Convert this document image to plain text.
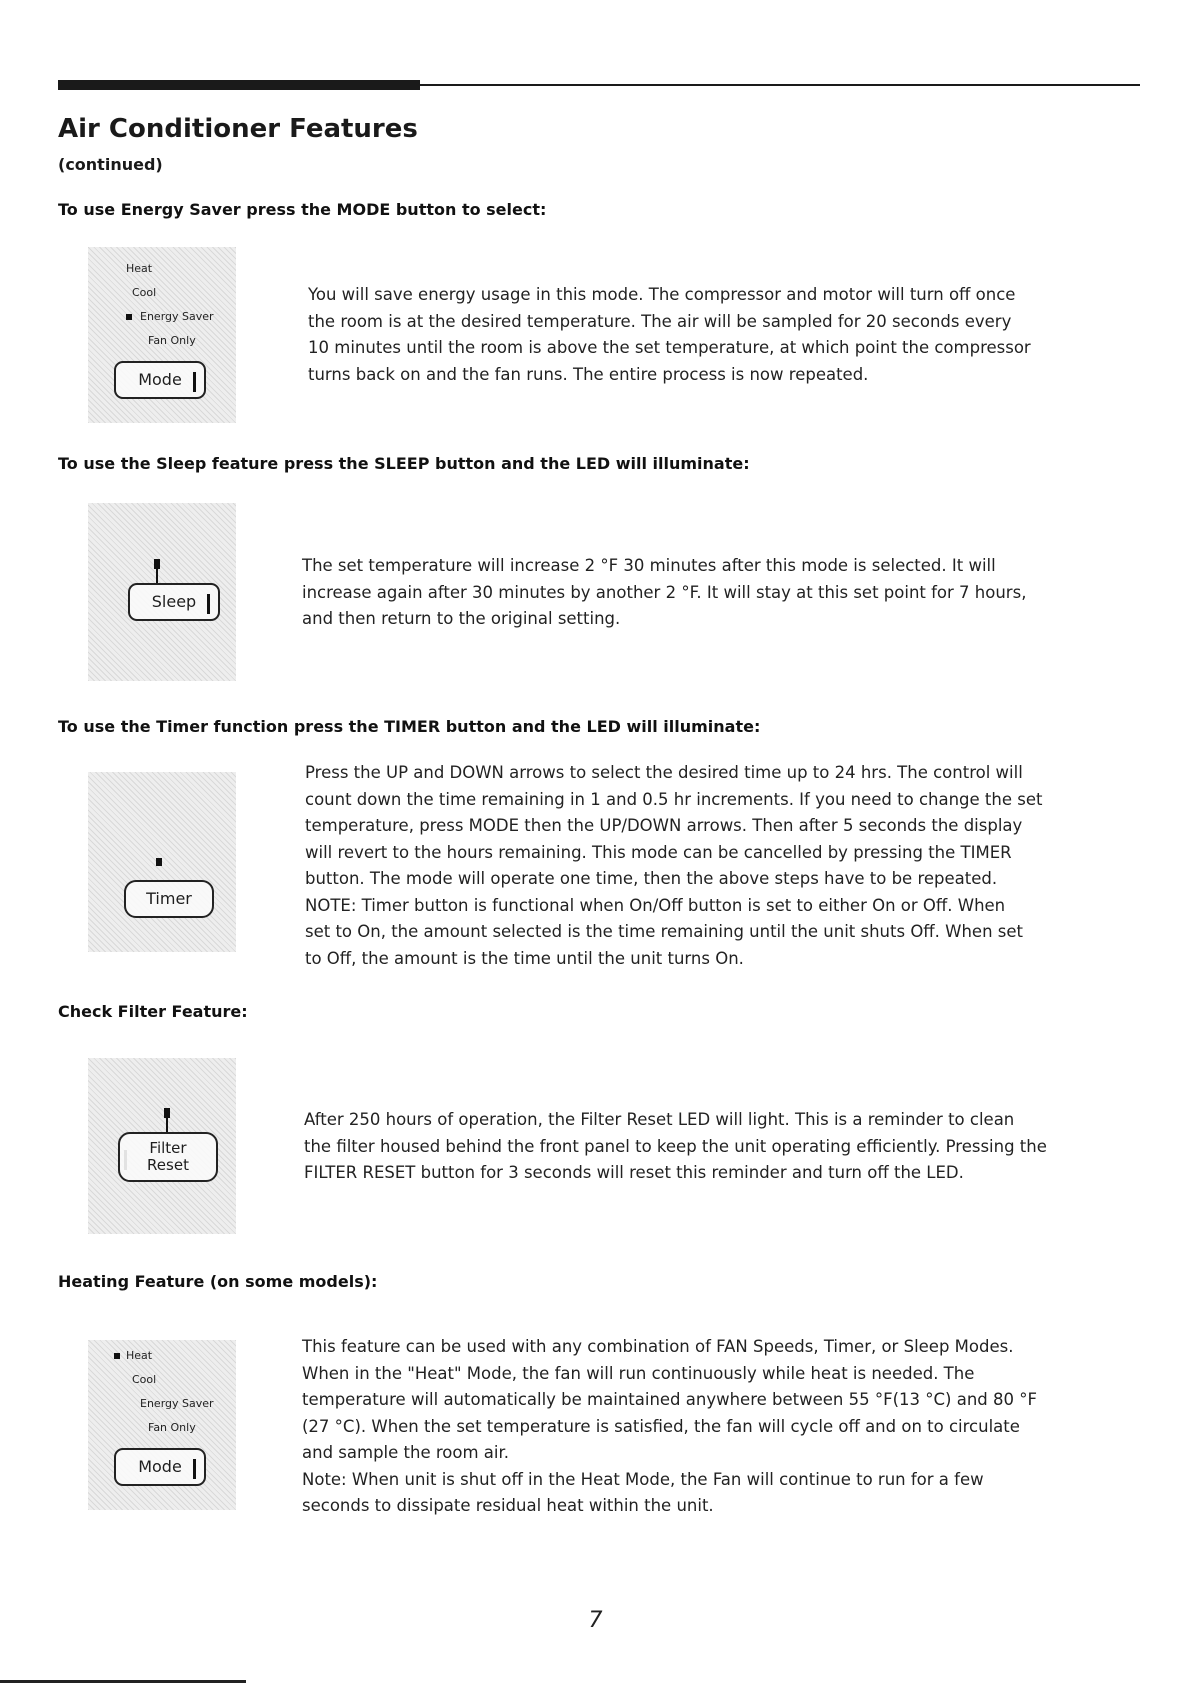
Air Conditioner Features
(continued)
To use Energy Saver press the MODE button to select:
Heat
Cool
Energy Saver
Fan Only
Mode

You will save energy usage in this mode. The compressor and motor will turn off once

the room is at the desired temperature. The air will be sampled for 20 seconds every

10 minutes until the room is above the set temperature, at which point the compressor

turns back on and the fan runs. The entire process is now repeated.

To use the Sleep feature press the SLEEP button and the LED will illuminate:
Sleep

The set temperature will increase 2 °F 30 minutes after this mode is selected. It will

increase again after 30 minutes by another 2 °F. It will stay at this set point for 7 hours,

and then return to the original setting.

To use the Timer function press the TIMER button and the LED will illuminate:
Timer

Press the UP and DOWN arrows to select the desired time up to 24 hrs. The control will

count down the time remaining in 1 and 0.5 hr increments. If you need to change the set

temperature, press MODE then the UP/DOWN arrows. Then after 5 seconds the display

will revert to the hours remaining. This mode can be cancelled by pressing the TIMER

button. The mode will operate one time, then the above steps have to be repeated.

NOTE: Timer button is functional when On/Off button is set to either On or Off. When

set to On, the amount selected is the time remaining until the unit shuts Off. When set

to Off, the amount is the time until the unit turns On.

Check Filter Feature:
Filter
Reset

After 250 hours of operation, the Filter Reset LED will light. This is a reminder to clean

the filter housed behind the front panel to keep the unit operating efficiently. Pressing the

FILTER RESET button for 3 seconds will reset this reminder and turn off the LED.

Heating Feature (on some models):
Heat
Cool
Energy Saver
Fan Only
Mode

This feature can be used with any combination of FAN Speeds, Timer, or Sleep Modes.

When in the "Heat" Mode, the fan will run continuously while heat is needed. The

temperature will automatically be maintained anywhere between 55 °F(13 °C) and 80 °F

(27 °C). When the set temperature is satisfied, the fan will cycle off and on to circulate

and sample the room air.

Note: When unit is shut off in the Heat Mode, the Fan will continue to run for a few

seconds to dissipate residual heat within the unit.

7
